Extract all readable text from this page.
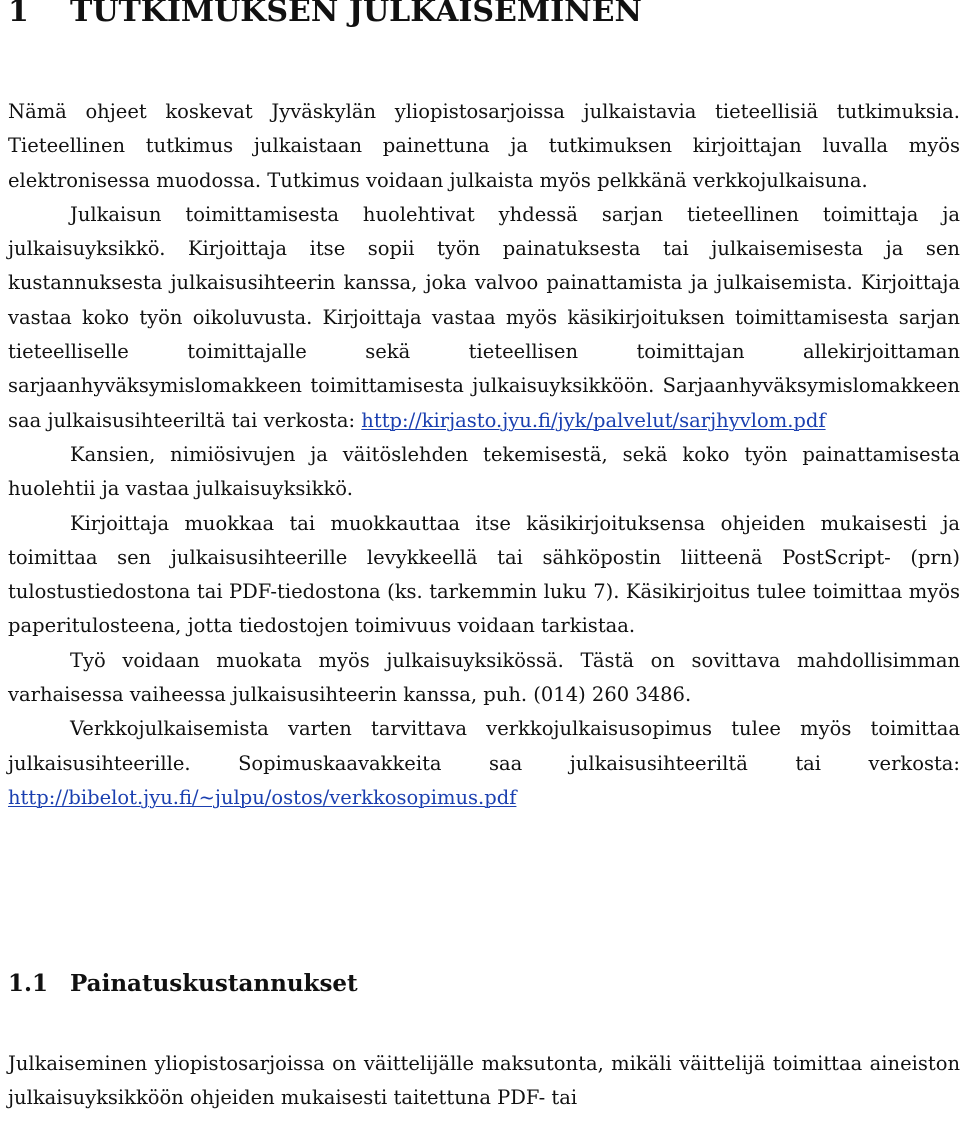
1 TUTKIMUKSEN JULKAISEMINEN

Nämä ohjeet koskevat Jyväskylän yliopistosarjoissa julkaistavia tieteellisiä tutkimuksia. Tieteellinen tutkimus julkaistaan painettuna ja tutkimuksen kirjoittajan luvalla myös elektronisessa muodossa. Tutkimus voidaan julkaista myös pelkkänä verkkojulkaisuna.

Julkaisun toimittamisesta huolehtivat yhdessä sarjan tieteellinen toimittaja ja julkaisuyksikkö. Kirjoittaja itse sopii työn painatuksesta tai julkaisemisesta ja sen kustannuksesta julkaisusihteerin kanssa, joka valvoo painattamista ja julkaisemista. Kirjoittaja vastaa koko työn oikoluvusta. Kirjoittaja vastaa myös käsikirjoituksen toimittamisesta sarjan tieteelliselle toimittajalle sekä tieteellisen toimittajan allekirjoittaman sarjaanhyväksymislomakkeen toimittamisesta julkaisuyksikköön. Sarjaanhyväksymislomakkeen saa julkaisusihteeriltä tai verkosta: http://kirjasto.jyu.fi/jyk/palvelut/sarjhyvlom.pdf

Kansien, nimiösivujen ja väitöslehden tekemisestä, sekä koko työn painattamisesta huolehtii ja vastaa julkaisuyksikkö.

Kirjoittaja muokkaa tai muokkauttaa itse käsikirjoituksensa ohjeiden mukaisesti ja toimittaa sen julkaisusihteerille levykkeellä tai sähköpostin liitteenä PostScript- (prn) tulostustiedostona tai PDF-tiedostona (ks. tarkemmin luku 7). Käsikirjoitus tulee toimittaa myös paperitulosteena, jotta tiedostojen toimivuus voidaan tarkistaa.

Työ voidaan muokata myös julkaisuyksikössä. Tästä on sovittava mahdollisimman varhaisessa vaiheessa julkaisusihteerin kanssa, puh. (014) 260 3486.

Verkkojulkaisemista varten tarvittava verkkojulkaisusopimus tulee myös toimittaa julkaisusihteerille. Sopimuskaavakkeita saa julkaisusihteeriltä tai verkosta: http://bibelot.jyu.fi/~julpu/ostos/verkkosopimus.pdf

1.1 Painatuskustannukset

Julkaiseminen yliopistosarjoissa on väittelijälle maksutonta, mikäli väittelijä toimittaa aineiston julkaisuyksikköön ohjeiden mukaisesti taitettuna PDF- tai
